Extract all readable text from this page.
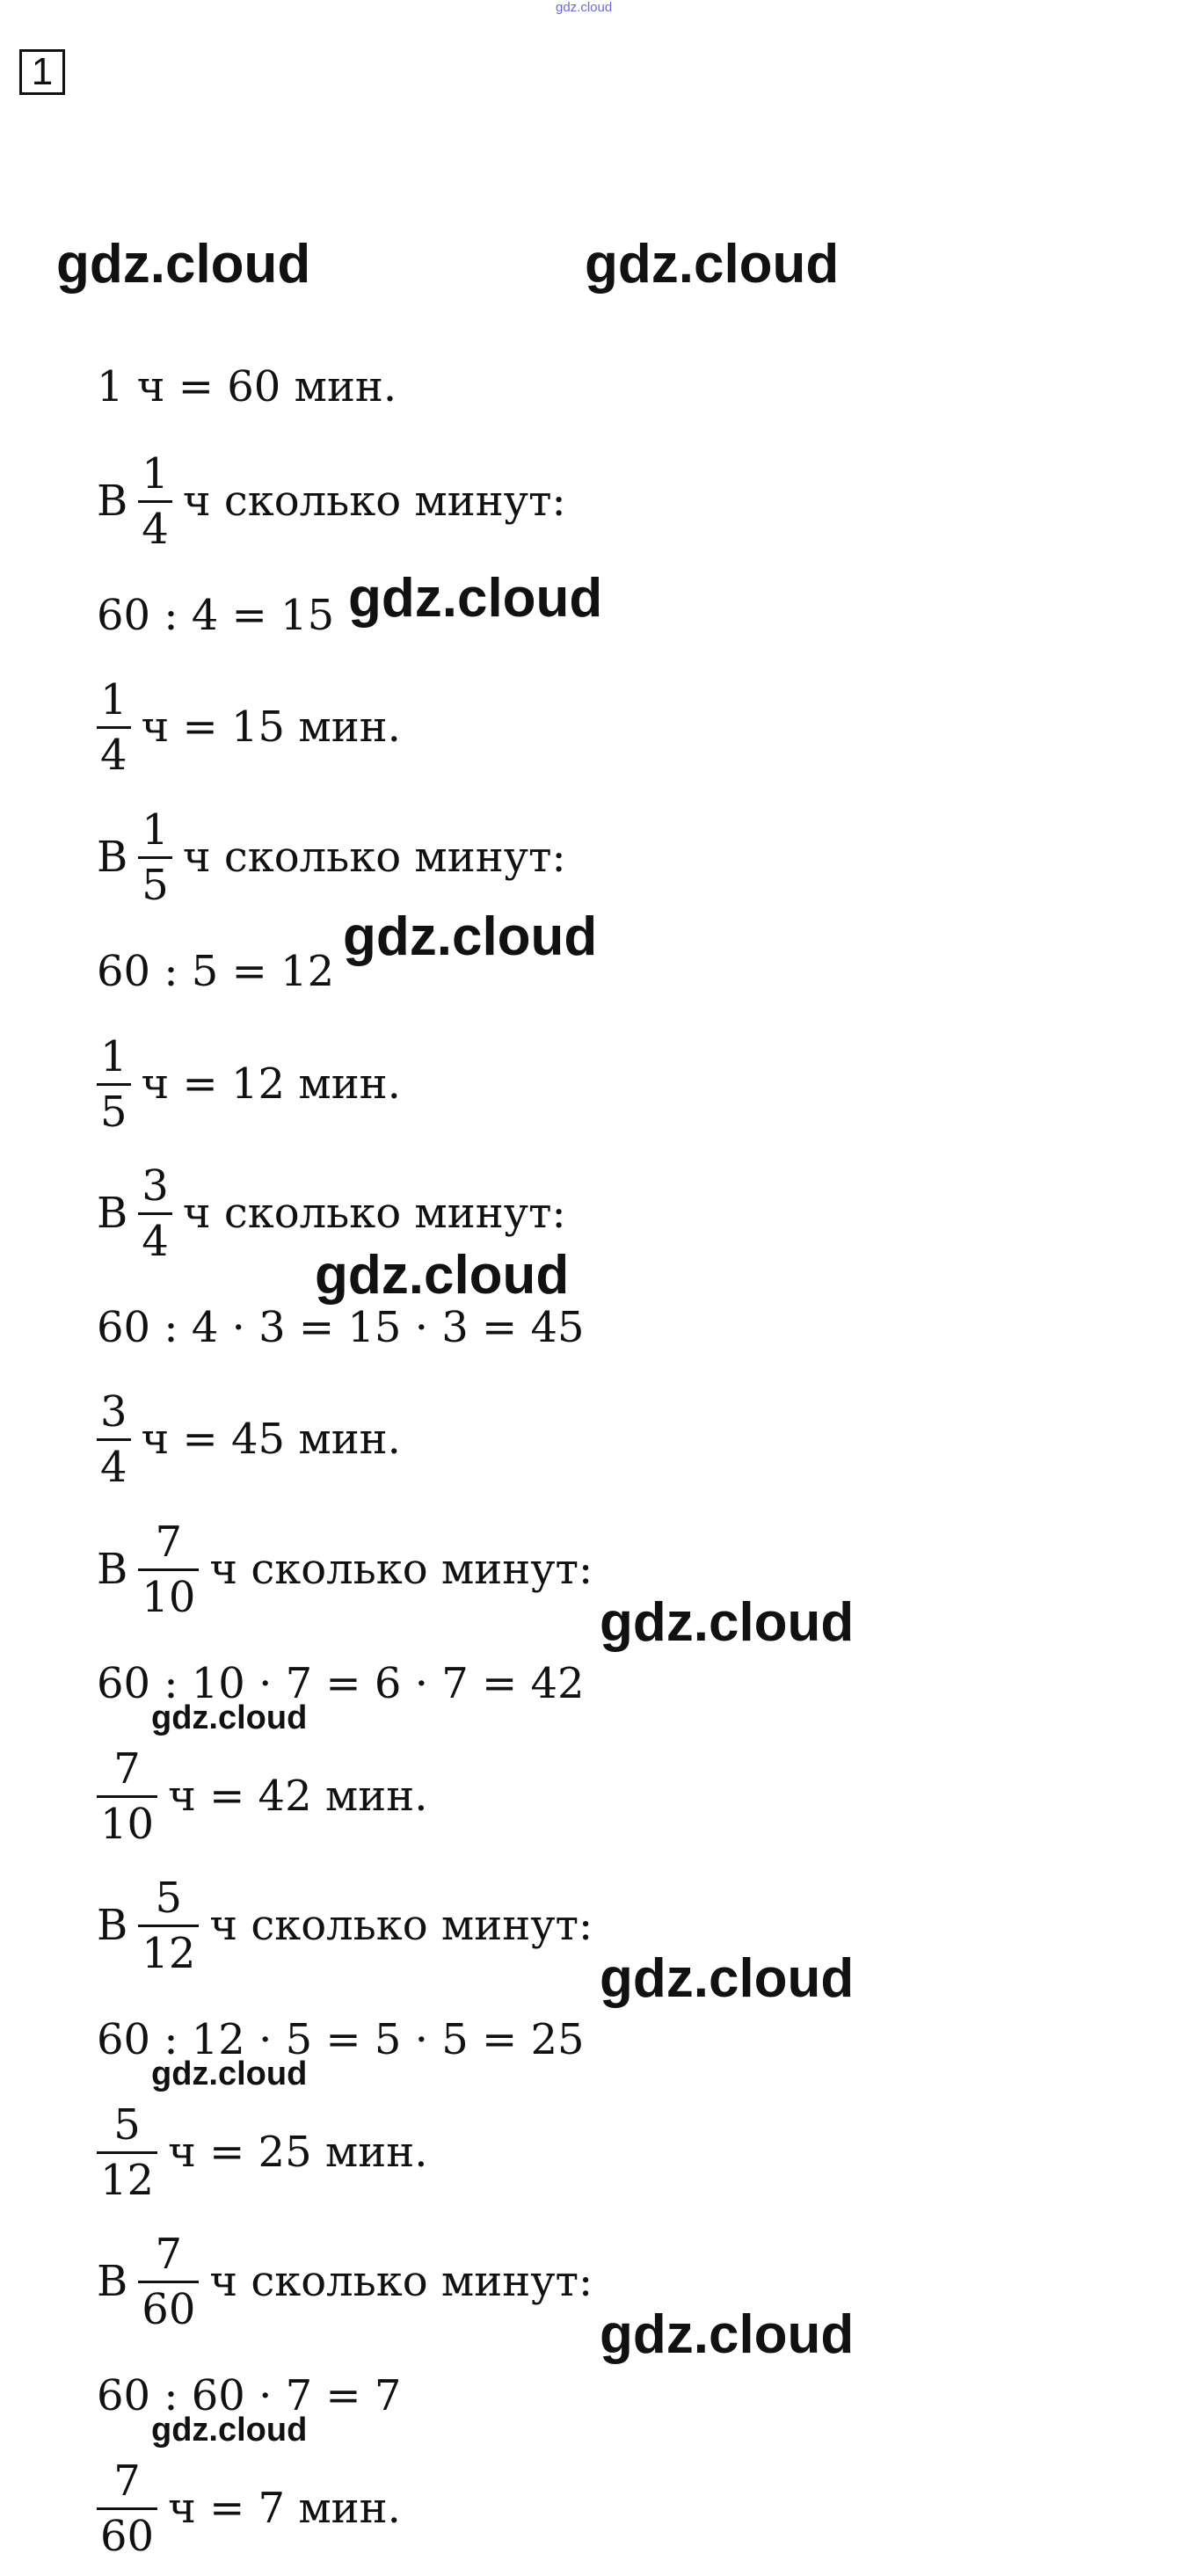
gdz.cloud
1
1 ч = 60 мин.
В $\frac{1}{4}$ ч сколько минут:
60 : 4 = 15
$\frac{1}{4}$ ч = 15 мин.
В $\frac{1}{5}$ ч сколько минут:
60 : 5 = 12
$\frac{1}{5}$ ч = 12 мин.
В $\frac{3}{4}$ ч сколько минут:
60 : 4 · 3 = 15 · 3 = 45
$\frac{3}{4}$ ч = 45 мин.
В $\frac{7}{10}$ ч сколько минут:
60 : 10 · 7 = 6 · 7 = 42
$\frac{7}{10}$ ч = 42 мин.
В $\frac{5}{12}$ ч сколько минут:
60 : 12 · 5 = 5 · 5 = 25
$\frac{5}{12}$ ч = 25 мин.
В $\frac{7}{60}$ ч сколько минут:
60 : 60 · 7 = 7
$\frac{7}{60}$ ч = 7 мин.
gdz.cloud	gdz.cloud
gdz.cloud
gdz.cloud
gdz.cloud
gdz.cloud
gdz.cloud
gdz.cloud
gdz.cloud
gdz.cloud
gdz.cloud
